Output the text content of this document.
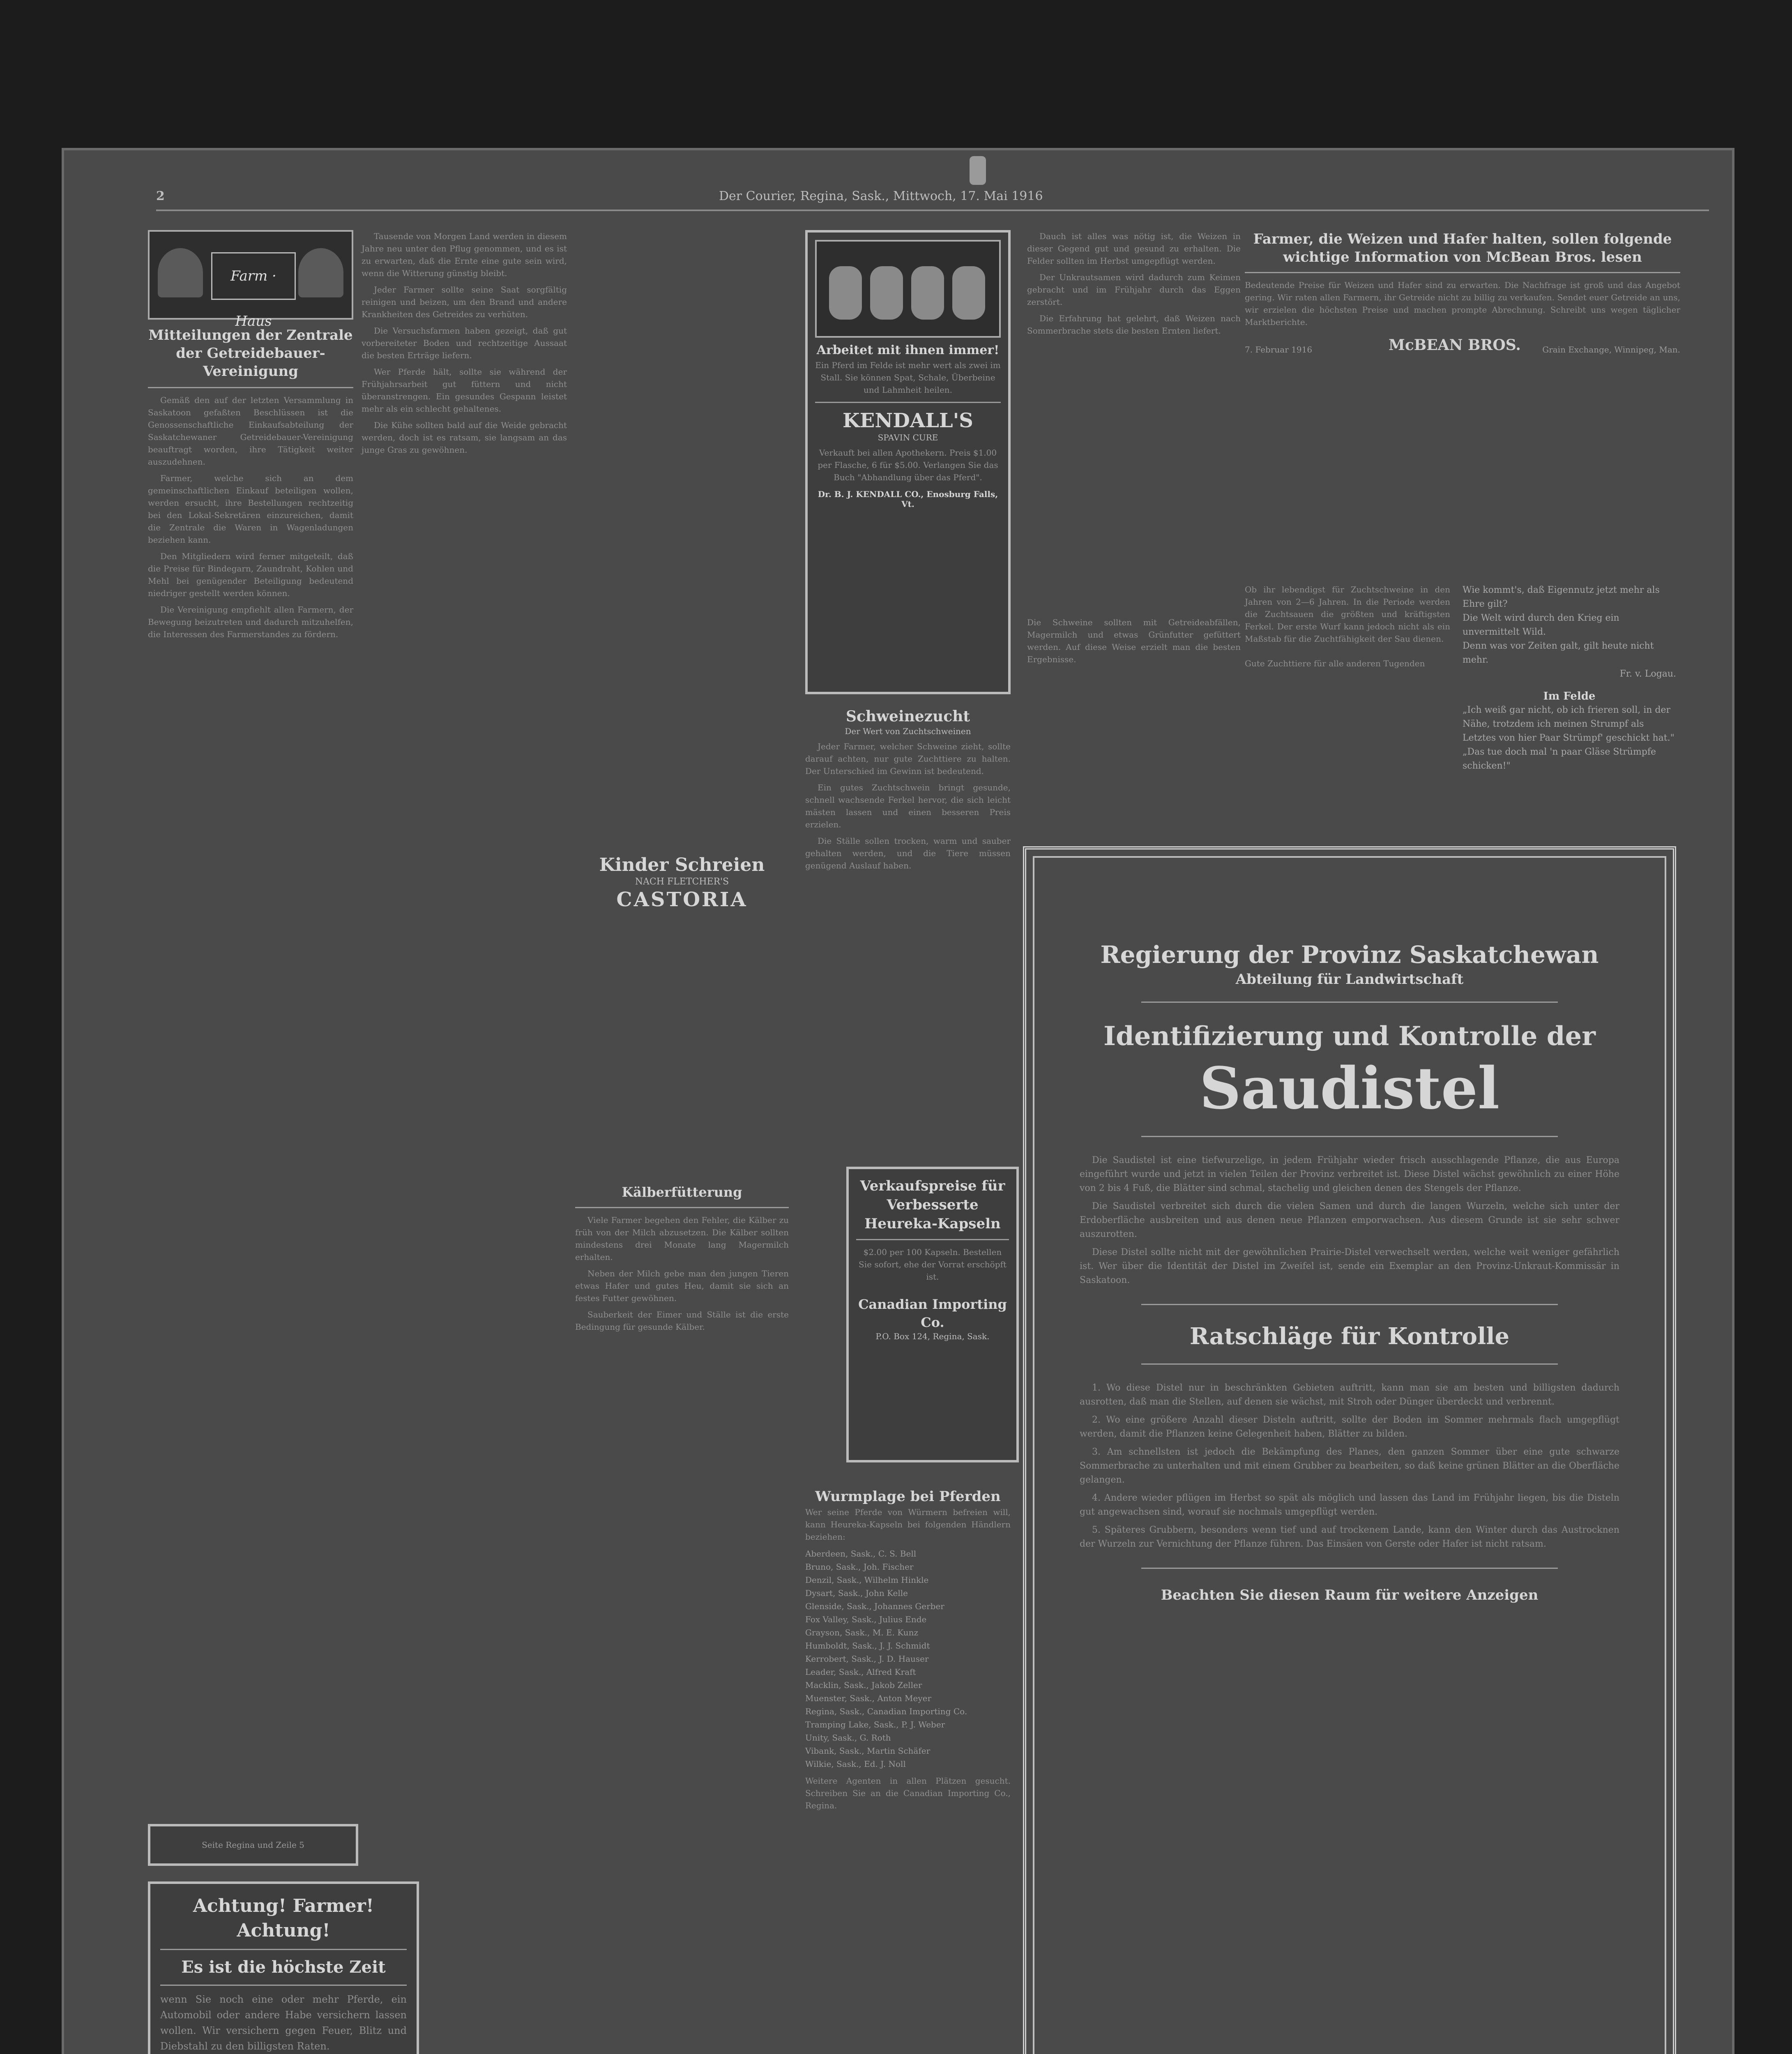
2	Der Courier, Regina, Sask., Mittwoch, 17. Mai 1916
Farm · Haus
Mitteilungen der Zentrale der Getreidebauer-Vereinigung

Gemäß den auf der letzten Versammlung in Saskatoon gefaßten Beschlüssen ist die Genossenschaftliche Einkaufsabteilung der Saskatchewaner Getreidebauer-Vereinigung beauftragt worden, ihre Tätigkeit weiter auszudehnen.

Farmer, welche sich an dem gemeinschaftlichen Einkauf beteiligen wollen, werden ersucht, ihre Bestellungen rechtzeitig bei den Lokal-Sekretären einzureichen, damit die Zentrale die Waren in Wagenladungen beziehen kann.

Den Mitgliedern wird ferner mitgeteilt, daß die Preise für Bindegarn, Zaundraht, Kohlen und Mehl bei genügender Beteiligung bedeutend niedriger gestellt werden können.

Die Vereinigung empfiehlt allen Farmern, der Bewegung beizutreten und dadurch mitzuhelfen, die Interessen des Farmerstandes zu fördern.

Seite Regina und Zeile 5
Achtung! Farmer! Achtung!
Es ist die höchste Zeit
wenn Sie noch eine oder mehr Pferde, ein Automobil oder andere Habe versichern lassen wollen. Wir versichern gegen Feuer, Blitz und Diebstahl zu den billigsten Raten.

Tausende von Morgen Land werden in diesem Jahre neu unter den Pflug genommen, und es ist zu erwarten, daß die Ernte eine gute sein wird, wenn die Witterung günstig bleibt.

Jeder Farmer sollte seine Saat sorgfältig reinigen und beizen, um den Brand und andere Krankheiten des Getreides zu verhüten.

Die Versuchsfarmen haben gezeigt, daß gut vorbereiteter Boden und rechtzeitige Aussaat die besten Erträge liefern.

Wer Pferde hält, sollte sie während der Frühjahrsarbeit gut füttern und nicht überanstrengen. Ein gesundes Gespann leistet mehr als ein schlecht gehaltenes.

Die Kühe sollten bald auf die Weide gebracht werden, doch ist es ratsam, sie langsam an das junge Gras zu gewöhnen.

Kinder Schreien
NACH FLETCHER'S
CASTORIA
Kälberfütterung

Viele Farmer begehen den Fehler, die Kälber zu früh von der Milch abzusetzen. Die Kälber sollten mindestens drei Monate lang Magermilch erhalten.

Neben der Milch gebe man den jungen Tieren etwas Hafer und gutes Heu, damit sie sich an festes Futter gewöhnen.

Sauberkeit der Eimer und Ställe ist die erste Bedingung für gesunde Kälber.

Arbeitet mit ihnen immer!
Ein Pferd im Felde ist mehr wert als zwei im Stall. Sie können Spat, Schale, Überbeine und Lahmheit heilen.
KENDALL'S
SPAVIN CURE
Verkauft bei allen Apothekern. Preis $1.00 per Flasche, 6 für $5.00. Verlangen Sie das Buch "Abhandlung über das Pferd".
Dr. B. J. KENDALL CO., Enosburg Falls, Vt.
Schweinezucht
Der Wert von Zuchtschweinen

Jeder Farmer, welcher Schweine zieht, sollte darauf achten, nur gute Zuchttiere zu halten. Der Unterschied im Gewinn ist bedeutend.

Ein gutes Zuchtschwein bringt gesunde, schnell wachsende Ferkel hervor, die sich leicht mästen lassen und einen besseren Preis erzielen.

Die Ställe sollen trocken, warm und sauber gehalten werden, und die Tiere müssen genügend Auslauf haben.

Verkaufspreise für Verbesserte Heureka-Kapseln
$2.00 per 100 Kapseln. Bestellen Sie sofort, ehe der Vorrat erschöpft ist.
Canadian Importing Co.
P.O. Box 124, Regina, Sask.
Wurmplage bei Pferden
Wer seine Pferde von Würmern befreien will, kann Heureka-Kapseln bei folgenden Händlern beziehen:
Aberdeen, Sask., C. S. Bell
Bruno, Sask., Joh. Fischer
Denzil, Sask., Wilhelm Hinkle
Dysart, Sask., John Kelle
Glenside, Sask., Johannes Gerber
Fox Valley, Sask., Julius Ende
Grayson, Sask., M. E. Kunz
Humboldt, Sask., J. J. Schmidt
Kerrobert, Sask., J. D. Hauser
Leader, Sask., Alfred Kraft
Macklin, Sask., Jakob Zeller
Muenster, Sask., Anton Meyer
Regina, Sask., Canadian Importing Co.
Tramping Lake, Sask., P. J. Weber
Unity, Sask., G. Roth
Vibank, Sask., Martin Schäfer
Wilkie, Sask., Ed. J. Noll
Weitere Agenten in allen Plätzen gesucht. Schreiben Sie an die Canadian Importing Co., Regina.

Dauch ist alles was nötig ist, die Weizen in dieser Gegend gut und gesund zu erhalten. Die Felder sollten im Herbst umgepflügt werden.

Der Unkrautsamen wird dadurch zum Keimen gebracht und im Frühjahr durch das Eggen zerstört.

Die Erfahrung hat gelehrt, daß Weizen nach Sommerbrache stets die besten Ernten liefert.

Die Schweine sollten mit Getreideabfällen, Magermilch und etwas Grünfutter gefüttert werden. Auf diese Weise erzielt man die besten Ergebnisse.
Farmer, die Weizen und Hafer halten, sollen folgende wichtige Information von McBean Bros. lesen
Bedeutende Preise für Weizen und Hafer sind zu erwarten. Die Nachfrage ist groß und das Angebot gering. Wir raten allen Farmern, ihr Getreide nicht zu billig zu verkaufen. Sendet euer Getreide an uns, wir erzielen die höchsten Preise und machen prompte Abrechnung. Schreibt uns wegen täglicher Marktberichte.
7. Februar 1916	McBEAN BROS.	Grain Exchange, Winnipeg, Man.
Ob ihr lebendigst für Zuchtschweine in den Jahren von 2—6 Jahren. In die Periode werden die Zuchtsauen die größten und kräftigsten Ferkel. Der erste Wurf kann jedoch nicht als ein Maßstab für die Zuchtfähigkeit der Sau dienen.
Gute Zuchttiere für alle anderen Tugenden
Wie kommt's, daß Eigennutz jetzt mehr als Ehre gilt?
Die Welt wird durch den Krieg ein unvermittelt Wild.
Denn was vor Zeiten galt, gilt heute nicht mehr.
Fr. v. Logau.
Im Felde
„Ich weiß gar nicht, ob ich frieren soll, in der Nähe, trotzdem ich meinen Strumpf als Letztes von hier Paar Strümpf' geschickt hat."
„Das tue doch mal 'n paar Gläse Strümpfe schicken!"
Regierung der Provinz Saskatchewan
Abteilung für Landwirtschaft
Identifizierung und Kontrolle der
Saudistel

Die Saudistel ist eine tiefwurzelige, in jedem Frühjahr wieder frisch ausschlagende Pflanze, die aus Europa eingeführt wurde und jetzt in vielen Teilen der Provinz verbreitet ist. Diese Distel wächst gewöhnlich zu einer Höhe von 2 bis 4 Fuß, die Blätter sind schmal, stachelig und gleichen denen des Stengels der Pflanze.

Die Saudistel verbreitet sich durch die vielen Samen und durch die langen Wurzeln, welche sich unter der Erdoberfläche ausbreiten und aus denen neue Pflanzen emporwachsen. Aus diesem Grunde ist sie sehr schwer auszurotten.

Diese Distel sollte nicht mit der gewöhnlichen Prairie-Distel verwechselt werden, welche weit weniger gefährlich ist. Wer über die Identität der Distel im Zweifel ist, sende ein Exemplar an den Provinz-Unkraut-Kommissär in Saskatoon.

Ratschläge für Kontrolle

1. Wo diese Distel nur in beschränkten Gebieten auftritt, kann man sie am besten und billigsten dadurch ausrotten, daß man die Stellen, auf denen sie wächst, mit Stroh oder Dünger überdeckt und verbrennt.

2. Wo eine größere Anzahl dieser Disteln auftritt, sollte der Boden im Sommer mehrmals flach umgepflügt werden, damit die Pflanzen keine Gelegenheit haben, Blätter zu bilden.

3. Am schnellsten ist jedoch die Bekämpfung des Planes, den ganzen Sommer über eine gute schwarze Sommerbrache zu unterhalten und mit einem Grubber zu bearbeiten, so daß keine grünen Blätter an die Oberfläche gelangen.

4. Andere wieder pflügen im Herbst so spät als möglich und lassen das Land im Frühjahr liegen, bis die Disteln gut angewachsen sind, worauf sie nochmals umgepflügt werden.

5. Späteres Grubbern, besonders wenn tief und auf trockenem Lande, kann den Winter durch das Austrocknen der Wurzeln zur Vernichtung der Pflanze führen. Das Einsäen von Gerste oder Hafer ist nicht ratsam.

Beachten Sie diesen Raum für weitere Anzeigen
